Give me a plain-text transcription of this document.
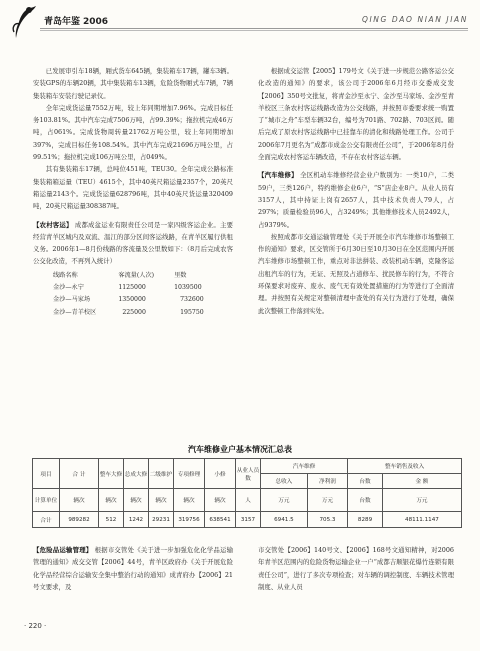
青岛年鉴 2006	QING DAO NIAN JIAN

已发展审引车18辆，厢式货车645辆，集装箱车17辆，罐车3辆。安装GPS的车辆20辆，其中集装箱车13辆，危险货物厢式车7辆，7辆集装箱车安装行驶记录仪。

全年完成货运量7552万吨，较上年同期增加7.96%。完成目标任务103.81%。其中汽车完成7506万吨，占99.39%；拖拉机完成46万吨，占061%。完成货物周转量21762万吨公里，较上年同期增加397%，完成目标任务108.54%。其中汽车完成21696万吨公里，占99.51%；拖拉机完成106万吨公里，占049%。

其有集装箱车17辆，总吨位451吨，TEU30。全年完成公路标准集装箱箱运量（TEU）4615个，其中40英尺箱运量2357个，20英尺箱运量2143个。完成货运量628796吨，其中40英尺货运量320409吨，20英尺箱运量308387吨。

【农村客运】 成都成盆运业有限责任公司是一家四级客运企业。主要经营青羊区城内及双流、温江的部分区间客运线路，在青羊区履行供租义务。2006年1—8月份线路的客流量及公里数如下：（8月后完成农客公交化改造，不再列入统计）

线路名称	客流量(人次)	里数
金沙—永宁	1125000	1039500
金沙—马家场	1350000	732600
金沙—青羊校区	225000	195750

根据成交运管【2005】179号文《关于进一步规范公路客运公交化改造的通知》的要求，该公司于2006年6月经市交委成交发【2006】350号文批复，将青金沙至永宁、金沙至马家场、金沙至青羊校区三条农村客运线路改造为公交线路，并按照市委要求统一购置了“城市之舟”车型车辆32台，编号为701路、702路、703区间。随后完成了原农村客运线路中已挂靠车的清化和线路处理工作。公司于2006年7月更名为“成都市成金公交有限责任公司”，于2006年8月份全面完成农村客运车辆改造，不存在农村客运车辆。

【汽车维修】 全区机动车维修经营企业户数别为：一类10户，二类59户，三类126户，特约维修企业6户，“S”店企业8户。从业人员有3157人，其中持证上岗有2657人，其中技术负责人79人，占297%；质量检验员96人，占3249%；其他维修技术人员2492人，占9379%。

按照成都市交通运输管理处《关于开展全市汽车维修市场整顿工作的通知》要求，区交管所于6月30日至10月30日在全区范围内开展汽车维修市场整顿工作，重点对非法拼装、改装机动车辆，克隆客运出租汽车的行为，无证、无照及占道修车、扰民修车的行为，不符合环保要求对废弃、废水、废气无有效处置措施的行为等进行了全面清理。并按照有关规定对整顿清理中查处的有关行为进行了处理，确保此次整顿工作落到实处。

汽车维修业户基本情况汇总表
项目	合 计	整车大修	总成大修	二级维护	专项修理	小修	从业人员数	汽车维修		整车销售及收入	
								总收入	净利润	台数	金 额
计算单位	辆次	辆次	辆次	辆次	辆次	辆次	人	万元	万元	台数	万元
合计	989282	512	1242	29231	319756	638541	3157	6941.5	705.3	8289	48111.1147

【危险品运输管理】 根据市交管处《关于进一步加强危化化学品运输管理的通知》成交交管【2006】44号，青羊区政府办《关于开展危险化学品经营综合运输安全集中整治行动的通知》成青府办【2006】21号文要求，及

市交管处【2006】140号文、【2006】168号文通知精神，对2006年青羊区范围内的危险货物运输企业一户“成都吉顺银花爆竹连锁有限责任公司”，进行了多次专项检查；对车辆的调控制度、车辆技术管理制度、从业人员

· 220 ·
